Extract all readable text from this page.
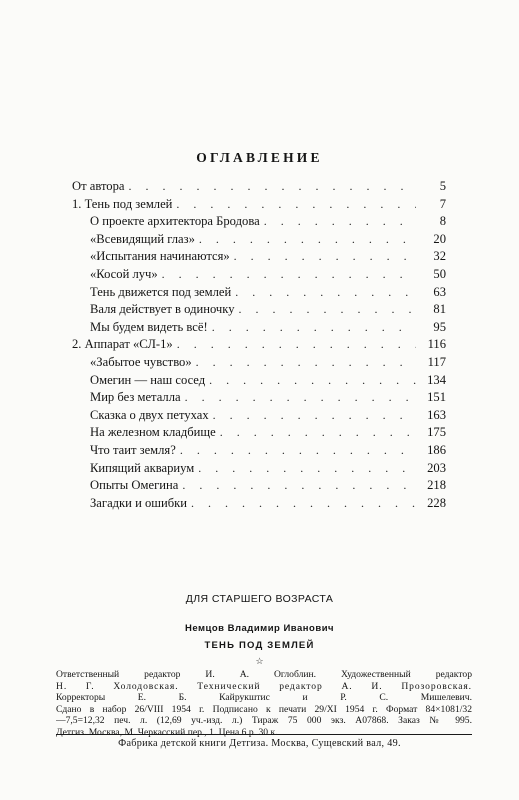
ОГЛАВЛЕНИЕ
От автора . . .	5
1. Тень под землей . . .	7
О проекте архитектора Бродова . . .	8
«Всевидящий глаз» . . .	20
«Испытания начинаются» . . .	32
«Косой луч» . . .	50
Тень движется под землей . . .	63
Валя действует в одиночку . . .	81
Мы будем видеть всё! . . .	95
2. Аппарат «СЛ-1» . . .	116
«Забытое чувство» . . .	117
Омегин — наш сосед . . .	134
Мир без металла . . .	151
Сказка о двух петухах . . .	163
На железном кладбище . . .	175
Что таит земля? . . .	186
Кипящий аквариум . . .	203
Опыты Омегина . . .	218
Загадки и ошибки . . .	228
ДЛЯ СТАРШЕГО ВОЗРАСТА
Немцов Владимир Иванович
ТЕНЬ ПОД ЗЕМЛЕЙ
☆
Ответственный редактор И. А. Оглоблин. Художественный редактор
Н. Г. Холодовская. Технический редактор А. И. Прозоровская.
Корректоры Е. Б. Кайрукштис и Р. С. Мишелевич.
Сдано в набор 26/VIII 1954 г. Подписано к печати 29/XI 1954 г. Формат 84×1081/32
—7,5=12,32 печ. л. (12,69 уч.-изд. л.) Тираж 75 000 экз. А07868. Заказ № 995.
Детгиз. Москва, М. Черкасский пер., 1. Цена 6 р. 30 к.
Фабрика детской книги Детгиза. Москва, Сущевский вал, 49.
